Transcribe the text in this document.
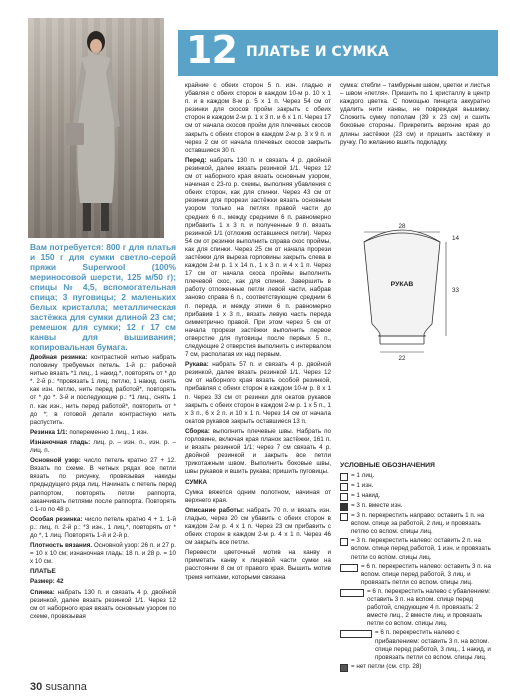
12 ПЛАТЬЕ И СУМКА

Вам потребуется: 800 г для платья и 150 г для сумки светло-серой пряжи Superwool (100% мериносовой шерсти, 125 м/50 г); спицы № 4,5, вспомогательная спица; 3 пуговицы; 2 маленьких белых кристалла; металлическая застёжка для сумки длиной 23 см; ремешок для сумки; 12 г 17 см канвы для вышивания; копировальная бумага.

Двойная резинка: контрастной нитью набрать половину требуемых петель. 1-й р.: рабочей нитью вязать *1 лиц., 1 накид.*, повторять от * до *. 2-й р.: *провязать 1 лиц. петлю, 1 накид. снять как изн. петлю, нить перед работой*, повторять от * до *. 3-й и последующие р.: *1 лиц., снять 1 п. как изн., нить перед работой*, повторить от * до *; в готовой детали контрастную нить распустить.

Резинка 1/1: попеременно 1 лиц., 1 изн.

Изнаночная гладь: лиц. р. – изн. п., изн. р. – лиц. п.

Основной узор: число петель кратно 27 + 12. Вязать по схеме. В четных рядах все петли вязать по рисунку, провязывая накиды предыдущего ряда лиц. Начинать с петель перед раппортом, повторять петли раппорта, заканчивать петлями после раппорта. Повторять с 1-го по 48 р.

Особая резинка: число петель кратно 4 + 1. 1-й р.: лиц. п. 2-й р.: *3 изн., 1 лиц.*, повторять от * до *, 1 лиц. Повторять 1-й и 2-й р.

Плотность вязания. Основной узор: 26 п. и 27 р. = 10 х 10 см; изнаночная гладь: 18 п. и 28 р. = 10 х 10 см.

ПЛАТЬЕ

Размер: 42

Спинка: набрать 130 п. и связать 4 р. двойной резинкой, далее вязать резинкой 1/1. Через 12 см от наборного края вязать основным узором по схеме, провязывая

крайние с обеих сторон 5 п. изн. гладью и убавляя с обеих сторон в каждом 10-м р. 10 х 1 п. и в каждом 8-м р. 5 х 1 п. Через 54 см от резинки для скосов пройм закрыть с обеих сторон в каждом 2-м р. 1 х 3 п. и 6 х 1 п. Через 17 см от начала скосов пройм для плечевых скосов закрыть с обеих сторон в каждом 2-м р. 3 х 9 п. и через 2 см от начала плечевых скосов закрыть оставшиеся 30 п.

Перед: набрать 130 п. и связать 4 р. двойной резинкой, далее вязать резинкой 1/1. Через 12 см от наборного края вязать основным узором, начиная с 23-го р. схемы, выполняя убавления с обеих сторон, как для спинки. Через 43 см от резинки для прорези застёжки вязать основным узором только на петлях правой части до средних 6 п., между средними 6 п. равномерно прибавить 1 х 3 п. и полученные 9 п. вязать резинкой 1/1 (отложив оставшиеся петли). Через 54 см от резинки выполнить справа скос проймы, как для спинки. Через 25 см от начала прорези застёжки для выреза горловины закрыть слева в каждом 2-м р. 1 х 14 п., 1 х 3 п. и 4 х 1 п. Через 17 см от начала скоса проймы выполнить плечевой скос, как для спинки. Завершить в работу отложенные петли левой части, набрав заново справа 6 п., соответствующие средним 6 п. переда, и между этими 6 п. равномерно прибавив 1 х 3 п., вязать левую часть переда симметрично правой. При этом через 5 см от начала прорези застёжки выполнить первое отверстие для пуговицы после первых 5 п., следующие 2 отверстия выполнить с интервалом 7 см, располагая их над первым.

Рукава: набрать 57 п. и связать 4 р. двойной резинкой, далее вязать резинкой 1/1. Через 12 см от наборного края вязать особой резинкой, прибавляя с обеих сторон в каждом 10-м р. 8 х 1 п. Через 33 см от резинки для окатов рукавов закрыть с обеих сторон в каждом 2-м р. 1 х 5 п., 1 х 3 п., 6 х 2 п. и 10 х 1 п. Через 14 см от начала окатов рукавов закрыть оставшиеся 13 п.

Сборка: выполнить плечевые швы. Набрать по горловине, включая края планок застёжки, 161 п. и вязать резинкой 1/1; через 7 см связать 4 р. двойной резинкой и закрыть все петли трикотажным швом. Выполнить боковые швы, швы рукавов и вшить рукава; пришить пуговицы.

СУМКА

Сумка вяжется одним полотном, начиная от верхнего края.

Описание работы: набрать 70 п. и вязать изн. гладью, через 20 см убавить с обеих сторон в каждом 2-м р. 4 х 1 п. Через 23 см прибавить с обеих сторон в каждом 2-м р. 4 х 1 п. Через 46 см закрыть все петли.

Перевести цветочный мотив на канву и приметать канву к лицевой части сумки на расстоянии 8 см от правого края. Вышить мотив тремя нитками, которыми связана

сумка: стебли – тамбурным швом, цветки и листья – швом «петля». Пришить по 1 кристаллу в центр каждого цветка. С помощью пинцета аккуратно удалить нити канвы, не повреждая вышивку. Сложить сумку пополам (39 х 23 см) и сшить боковые стороны. Прикрепить верхние края до длины застёжки (23 см) и пришить застёжку и ручку. По желанию вшить подкладку.

28
РУКАВ
33
14
22
УСЛОВНЫЕ ОБОЗНАЧЕНИЯ
= 1 лиц.
= 1 изн.
= 1 накид.
= 3 п. вместе изн.
= 3 п. перекрестить направо: оставить 1 п. на вспом. спице за работой, 2 лиц. и провязать петлю со вспом. спицы лиц.
= 3 п. перекрестить налево: оставить 2 п. на вспом. спице перед работой, 1 изн. и провязать петли со вспом. спицы лиц.
= 6 п. перекрестить налево: оставить 3 п. на вспом. спице перед работой, 3 лиц. и провязать петли со вспом. спицы лиц.
= 6 п. перекрестить налево с убавлением: оставить 3 п. на вспом. спице перед работой, следующие 4 п. провязать: 2 вместе лиц., 2 вместе лиц. и провязать петли со вспом. спицы лиц.
= 6 п. перекрестить налево с прибавлением: оставить 3 п. на вспом. спице перед работой, 3 лиц., 1 накид, и провязать петли со вспом. спицы лиц.
= нет петли (см. стр. 28)
30 susanna
